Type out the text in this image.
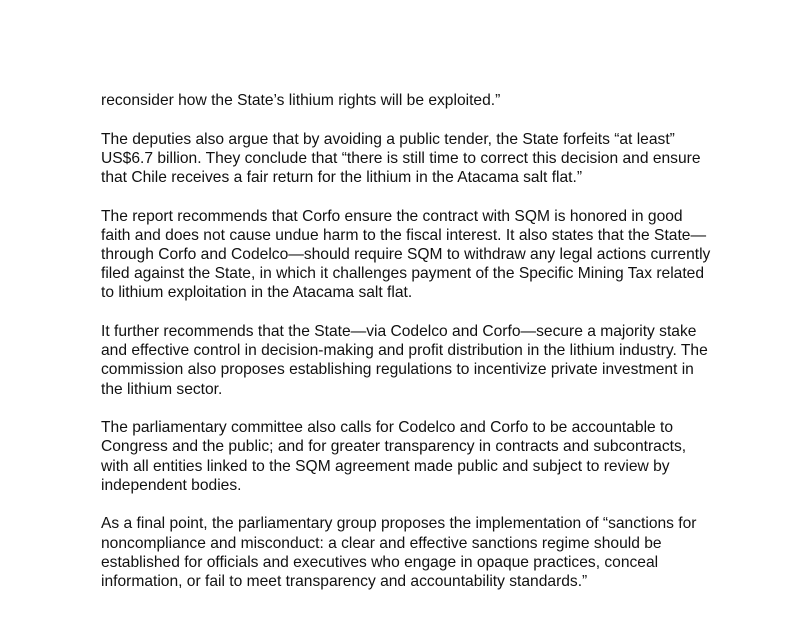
reconsider how the State’s lithium rights will be exploited.”

The deputies also argue that by avoiding a public tender, the State forfeits “at least” US$6.7 billion. They conclude that “there is still time to correct this decision and ensure that Chile receives a fair return for the lithium in the Atacama salt flat.”

The report recommends that Corfo ensure the contract with SQM is honored in good faith and does not cause undue harm to the fiscal interest. It also states that the State—through Corfo and Codelco—should require SQM to withdraw any legal actions currently filed against the State, in which it challenges payment of the Specific Mining Tax related to lithium exploitation in the Atacama salt flat.

It further recommends that the State—via Codelco and Corfo—secure a majority stake and effective control in decision-making and profit distribution in the lithium industry. The commission also proposes establishing regulations to incentivize private investment in the lithium sector.

The parliamentary committee also calls for Codelco and Corfo to be accountable to Congress and the public; and for greater transparency in contracts and subcontracts, with all entities linked to the SQM agreement made public and subject to review by independent bodies.

As a final point, the parliamentary group proposes the implementation of “sanctions for noncompliance and misconduct: a clear and effective sanctions regime should be established for officials and executives who engage in opaque practices, conceal information, or fail to meet transparency and accountability standards.”
